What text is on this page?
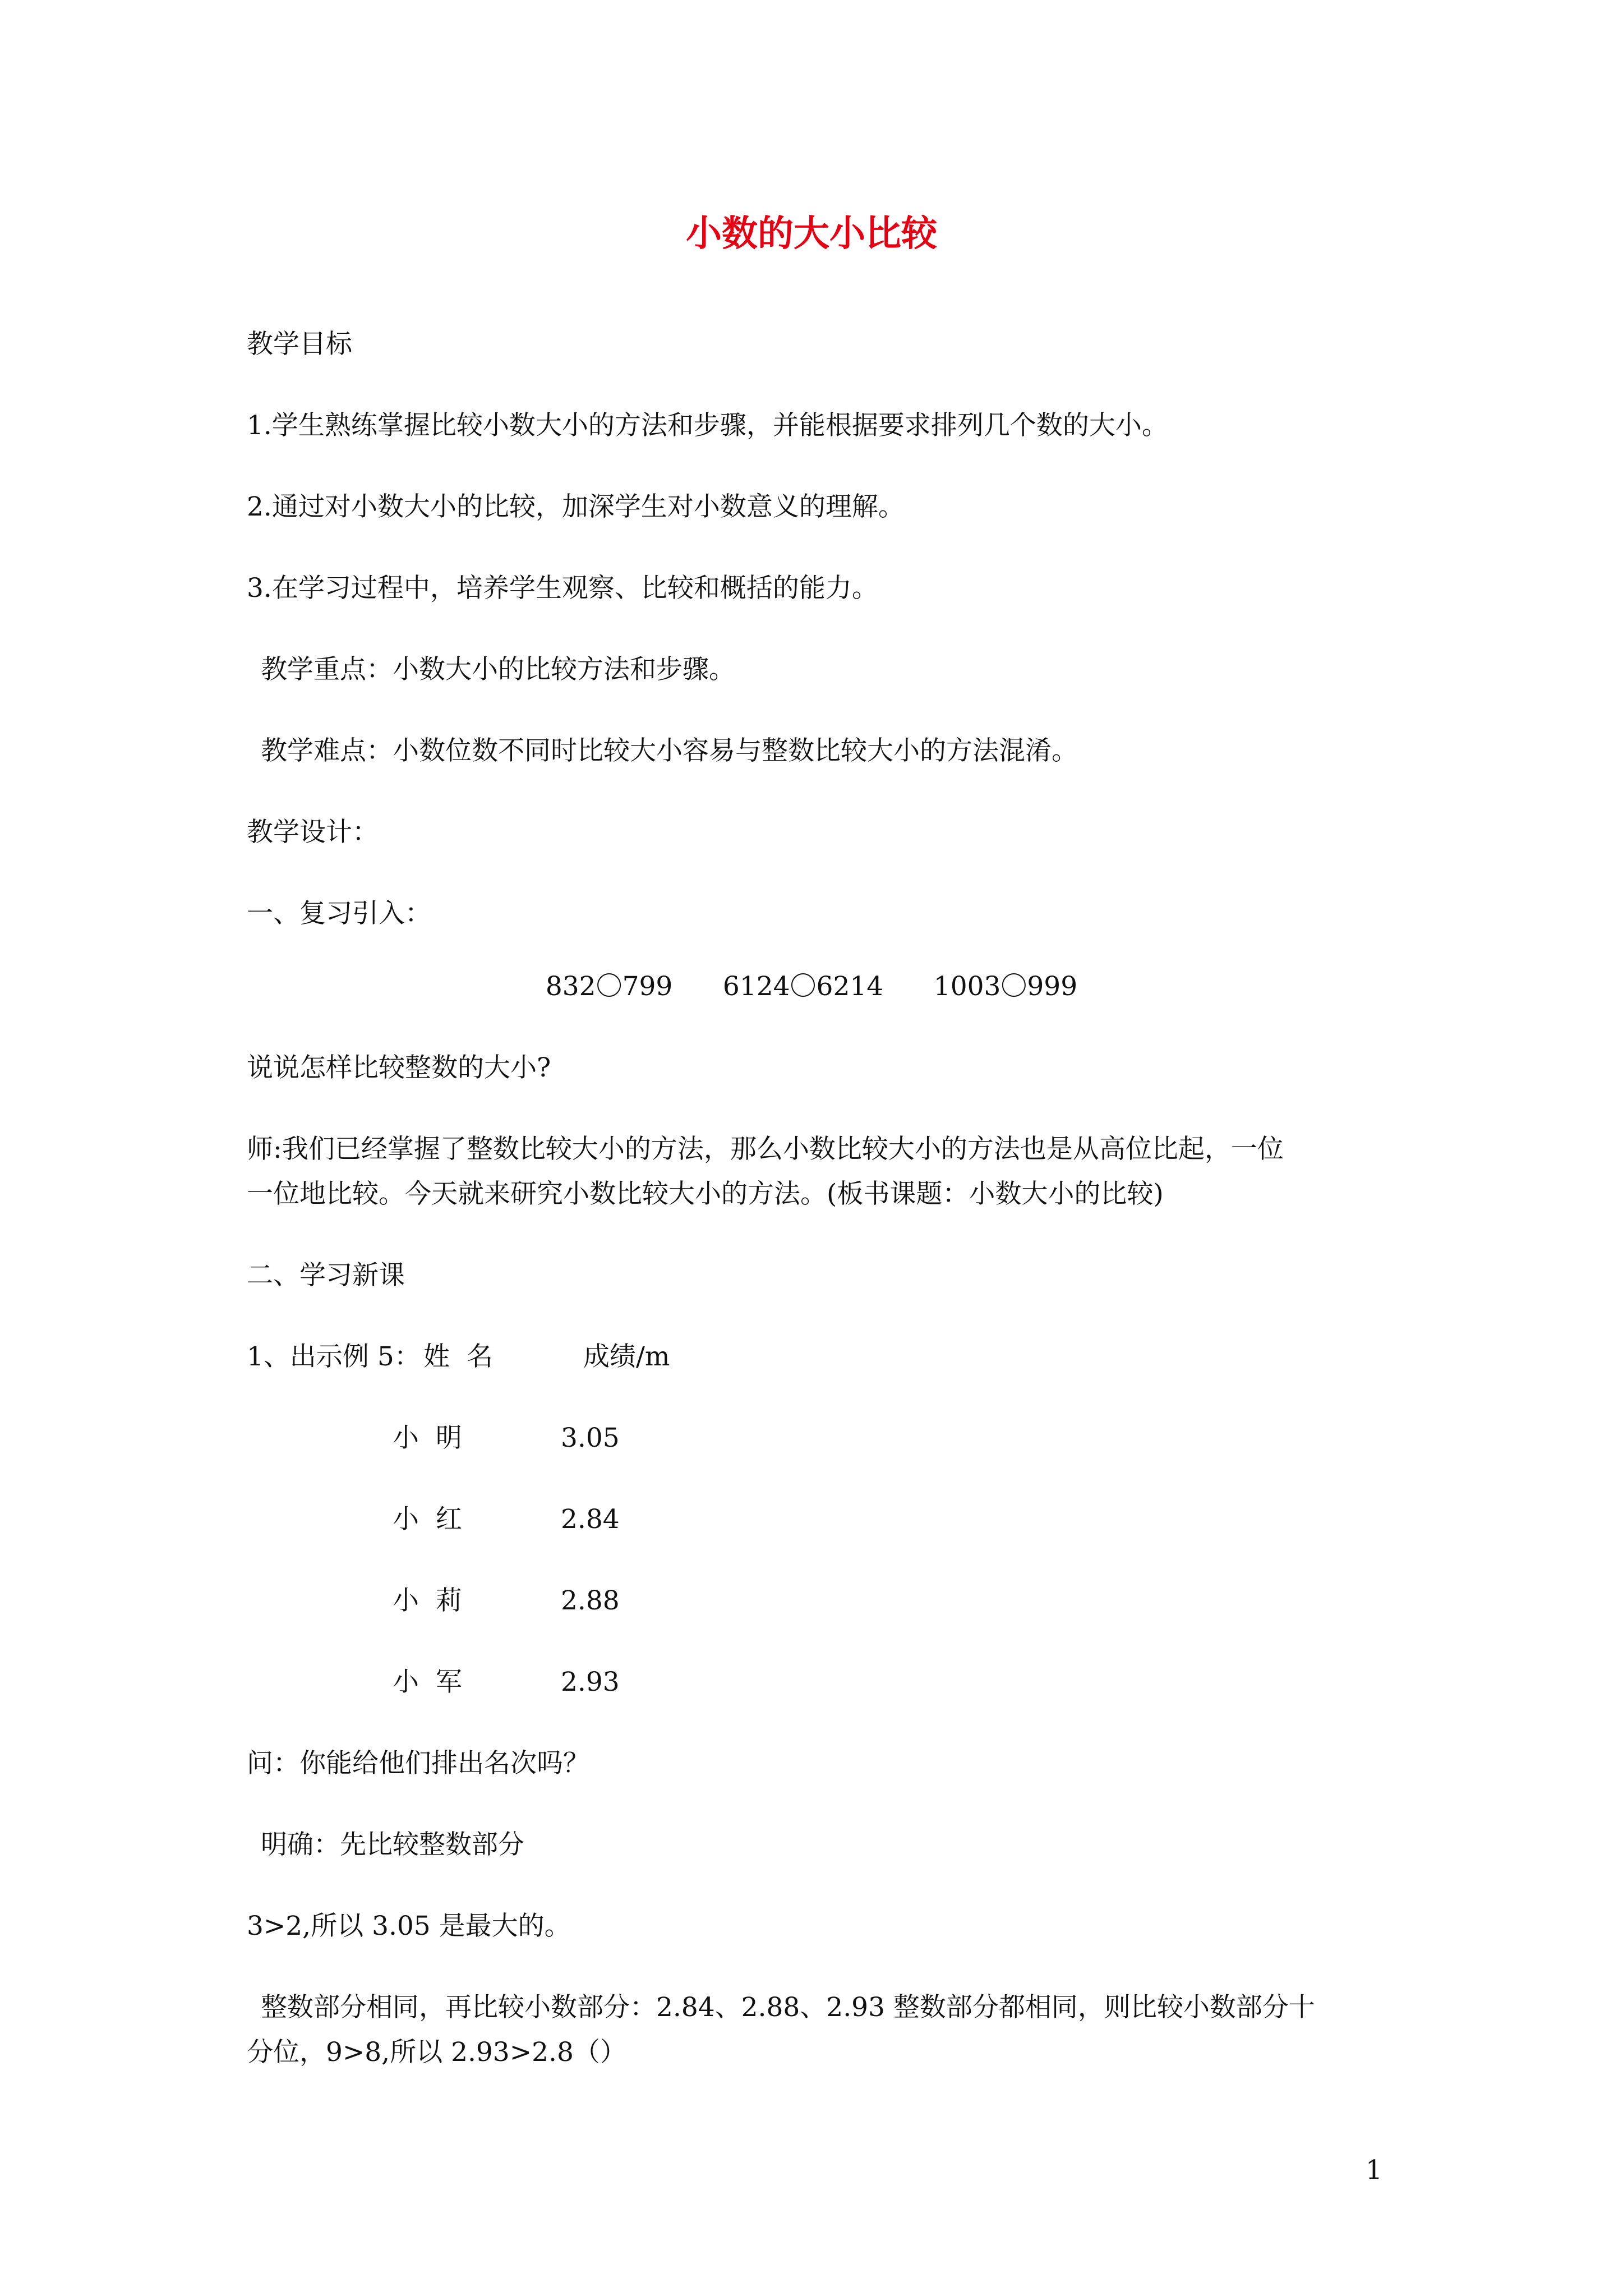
小数的大小比较
教学目标
1.学生熟练掌握比较小数大小的方法和步骤，并能根据要求排列几个数的大小。
2.通过对小数大小的比较，加深学生对小数意义的理解。
3.在学习过程中，培养学生观察、比较和概括的能力。
教学重点：小数大小的比较方法和步骤。
教学难点：小数位数不同时比较大小容易与整数比较大小的方法混淆。
教学设计：
一、复习引入：
832〇799      6124〇6214      1003〇999
说说怎样比较整数的大小?
师:我们已经掌握了整数比较大小的方法，那么小数比较大小的方法也是从高位比起，一位
一位地比较。今天就来研究小数比较大小的方法。(板书课题：小数大小的比较)
二、学习新课
1、出示例 5： 姓  名	成绩/m
小  明	3.05
小  红	2.84
小  莉	2.88
小  军	2.93
问：你能给他们排出名次吗？
明确：先比较整数部分
3>2,所以 3.05 是最大的。
整数部分相同，再比较小数部分：2.84、2.88、2.93 整数部分都相同，则比较小数部分十
分位，9>8,所以 2.93>2.8（）
1
